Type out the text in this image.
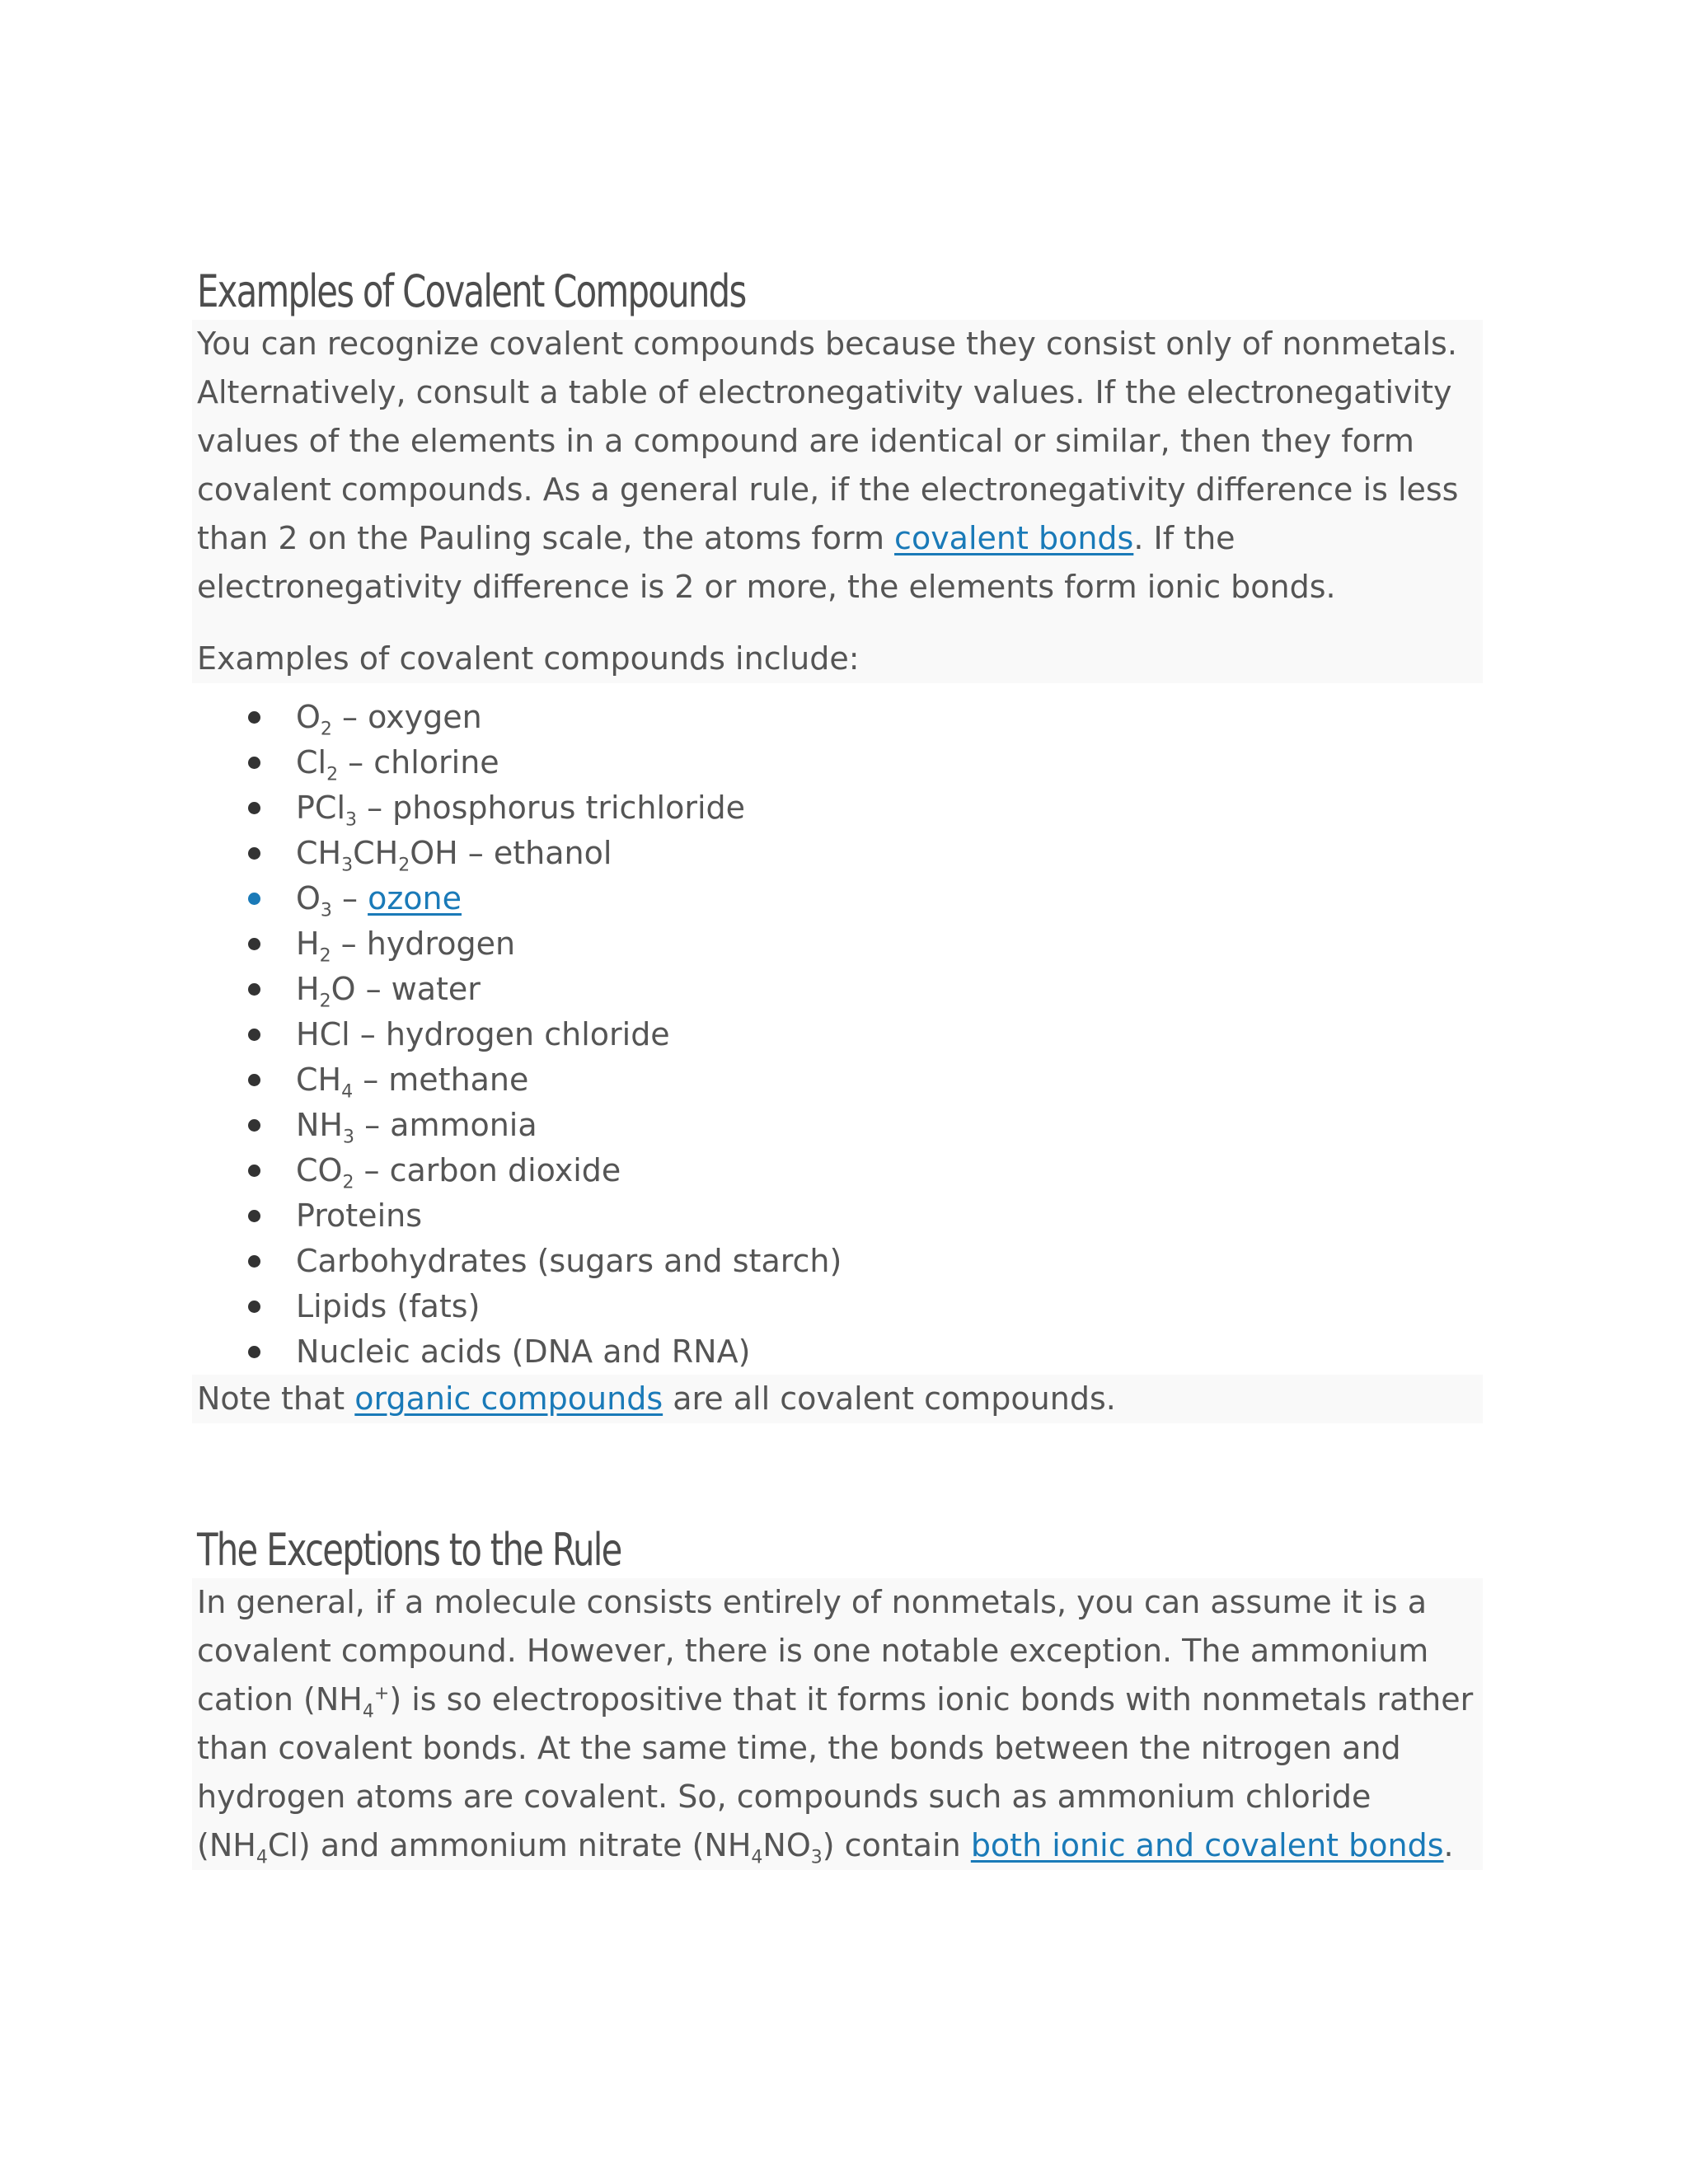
Examples of Covalent Compounds

You can recognize covalent compounds because they consist only of nonmetals. Alternatively, consult a table of electronegativity values. If the electronegativity values of the elements in a compound are identical or similar, then they form covalent compounds. As a general rule, if the electronegativity difference is less than 2 on the Pauling scale, the atoms form covalent bonds. If the electronegativity difference is 2 or more, the elements form ionic bonds.

Examples of covalent compounds include:

$O_2$ – oxygen
$Cl_2$ – chlorine
PCl$_3$ – phosphorus trichloride
$CH_3CH_2OH$ – ethanol
$O_3$ – ozone
$H_2$ – hydrogen
$H_2O$ – water
HCl – hydrogen chloride
$CH_4$ – methane
$NH_3$ – ammonia
$CO_2$ – carbon dioxide
Proteins
Carbohydrates (sugars and starch)
Lipids (fats)
Nucleic acids (DNA and RNA)

Note that organic compounds are all covalent compounds.

The Exceptions to the Rule

In general, if a molecule consists entirely of nonmetals, you can assume it is a covalent compound. However, there is one notable exception. The ammonium cation $(NH_4^+)$ is so electropositive that it forms ionic bonds with nonmetals rather than covalent bonds. At the same time, the bonds between the nitrogen and hydrogen atoms are covalent. So, compounds such as ammonium chloride $(NH_4Cl)$ and ammonium nitrate $(NH_4NO_3)$ contain both ionic and covalent bonds.
